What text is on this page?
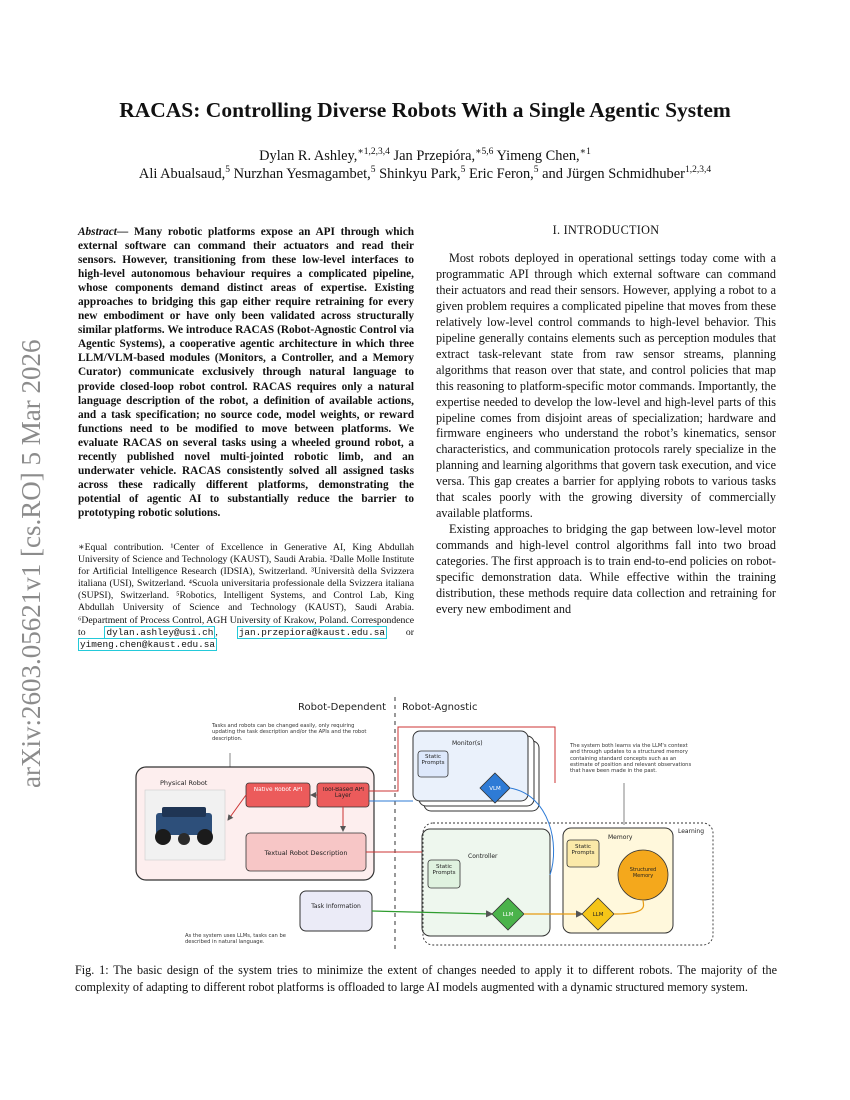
arXiv:2603.05621v1 [cs.RO] 5 Mar 2026
RACAS: Controlling Diverse Robots With a Single Agentic System
Dylan R. Ashley,$^{∗1,2,3,4}$ Jan Przepióra,$^{∗5,6}$ Yimeng Chen,$^{∗1}$
Ali Abualsaud,$^5$ Nurzhan Yesmagambet,$^5$ Shinkyu Park,$^5$ Eric Feron,$^5$ and Jürgen Schmidhuber$^{1,2,3,4}$
Abstract— Many robotic platforms expose an API through which external software can command their actuators and read their sensors. However, transitioning from these low-level interfaces to high-level autonomous behaviour requires a complicated pipeline, whose components demand distinct areas of expertise. Existing approaches to bridging this gap either require retraining for every new embodiment or have only been validated across structurally similar platforms. We introduce RACAS (Robot-Agnostic Control via Agentic Systems), a cooperative agentic architecture in which three LLM/VLM-based modules (Monitors, a Controller, and a Memory Curator) communicate exclusively through natural language to provide closed-loop robot control. RACAS requires only a natural language description of the robot, a definition of available actions, and a task specification; no source code, model weights, or reward functions need to be modified to move between platforms. We evaluate RACAS on several tasks using a wheeled ground robot, a recently published novel multi-jointed robotic limb, and an underwater vehicle. RACAS consistently solved all assigned tasks across these radically different platforms, demonstrating the potential of agentic AI to substantially reduce the barrier to prototyping robotic solutions.
∗Equal contribution. ¹Center of Excellence in Generative AI, King Abdullah University of Science and Technology (KAUST), Saudi Arabia. ²Dalle Molle Institute for Artificial Intelligence Research (IDSIA), Switzerland. ³Università della Svizzera italiana (USI), Switzerland. ⁴Scuola universitaria professionale della Svizzera italiana (SUPSI), Switzerland. ⁵Robotics, Intelligent Systems, and Control Lab, King Abdullah University of Science and Technology (KAUST), Saudi Arabia. ⁶Department of Process Control, AGH University of Krakow, Poland. Correspondence to dylan.ashley@usi.ch , jan.przepiora@kaust.edu.sa or yimeng.chen@kaust.edu.sa
I. INTRODUCTION

Most robots deployed in operational settings today come with a programmatic API through which external software can command their actuators and read their sensors. However, applying a robot to a given problem requires a complicated pipeline that moves from these relatively low-level control commands to high-level behavior. This pipeline generally contains elements such as perception modules that extract task-relevant state from raw sensor streams, planning algorithms that reason over that state, and control policies that map this reasoning to platform-specific motor commands. Importantly, the expertise needed to develop the low-level and high-level parts of this pipeline comes from disjoint areas of specialization; hardware and firmware engineers who understand the robot’s kinematics, sensor characteristics, and communication protocols rarely specialize in the planning and learning algorithms that govern task execution, and vice versa. This gap creates a barrier for applying robots to various tasks that scales poorly with the growing diversity of commercially available platforms.

Existing approaches to bridging the gap between low-level motor commands and high-level control algorithms fall into two broad categories. The first approach is to train end-to-end policies on robot-specific demonstration data. While effective within the training distribution, these methods require data collection and retraining for every new embodiment and

Robot-Dependent Robot-Agnostic
Tasks and robots can be changed easily, only requiring updating the task description and/or the APIs and the robot description.
Physical Robot
Native Robot API	Tool-Based API Layer
Textual Robot Description
Task Information
As the system uses LLMs, tasks can be described in natural language.
Monitor(s)
Static Prompts
VLM
The system both learns via the LLM's context and through updates to a structured memory containing standard concepts such as an estimate of position and relevant observations that have been made in the past.
Controller
Static Prompts
LLM
Learning
Memory
Static Prompts
Structured Memory
LLM
Fig. 1: The basic design of the system tries to minimize the extent of changes needed to apply it to different robots. The majority of the complexity of adapting to different robot platforms is offloaded to large AI models augmented with a dynamic structured memory system.
